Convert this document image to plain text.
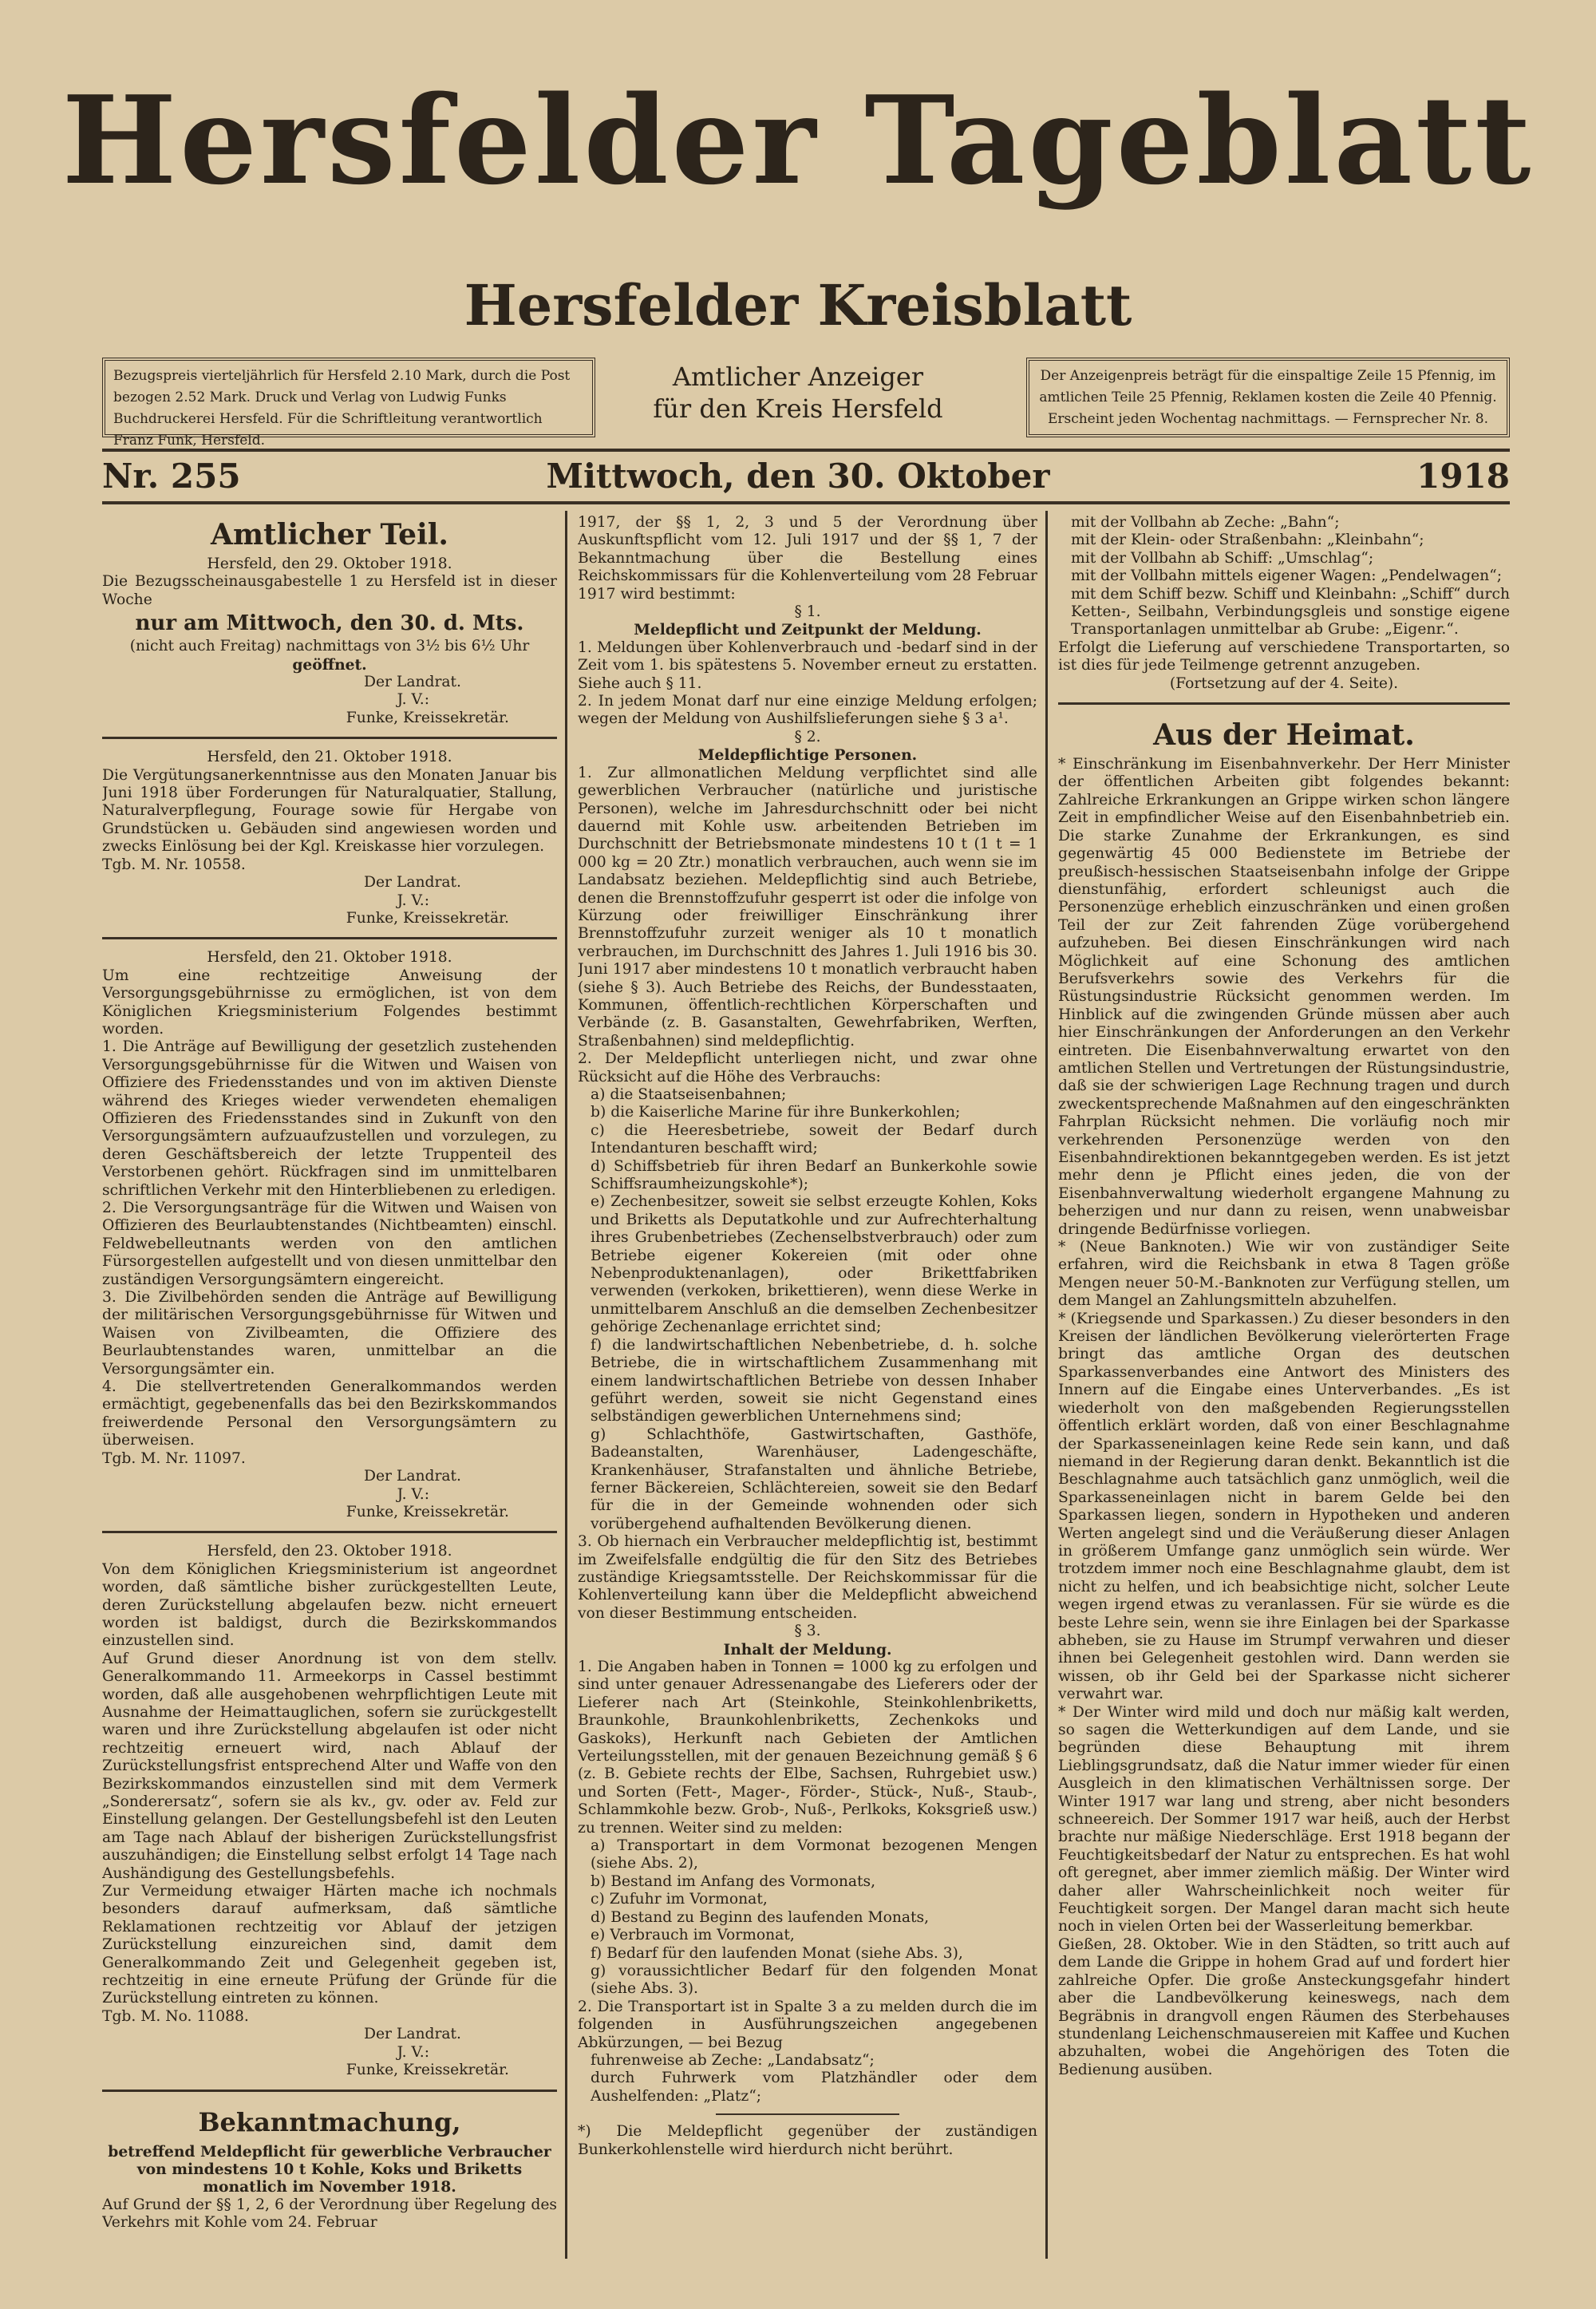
Hersfelder Tageblatt
Hersfelder Kreisblatt
Bezugspreis vierteljährlich für Hersfeld 2.10 Mark, durch die Post bezogen 2.52 Mark. Druck und Verlag von Ludwig Funks Buchdruckerei Hersfeld. Für die Schriftleitung verantwortlich Franz Funk, Hersfeld.
Amtlicher Anzeiger
für den Kreis Hersfeld
Der Anzeigenpreis beträgt für die einspaltige Zeile 15 Pfennig, im amtlichen Teile 25 Pfennig, Reklamen kosten die Zeile 40 Pfennig. Erscheint jeden Wochentag nachmittags. — Fernsprecher Nr. 8.
Nr. 255	Mittwoch, den 30. Oktober	1918

Amtlicher Teil.

Hersfeld, den 29. Oktober 1918.

Die Bezugsscheinausgabestelle 1 zu Hersfeld ist in dieser Woche

nur am Mittwoch, den 30. d. Mts.

(nicht auch Freitag) nachmittags von 3½ bis 6½ Uhr

geöffnet.

Der Landrat.

J. V.:

Funke, Kreissekretär.

Hersfeld, den 21. Oktober 1918.

Die Vergütungsanerkenntnisse aus den Monaten Januar bis Juni 1918 über Forderungen für Naturalquatier, Stallung, Naturalverpflegung, Fourage sowie für Hergabe von Grundstücken u. Gebäuden sind angewiesen worden und zwecks Einlösung bei der Kgl. Kreiskasse hier vorzulegen.

Tgb. M. Nr. 10558.

Der Landrat.

J. V.:

Funke, Kreissekretär.

Hersfeld, den 21. Oktober 1918.

Um eine rechtzeitige Anweisung der Versorgungsgebührnisse zu ermöglichen, ist von dem Königlichen Kriegsministerium Folgendes bestimmt worden.

1. Die Anträge auf Bewilligung der gesetzlich zustehenden Versorgungsgebührnisse für die Witwen und Waisen von Offiziere des Friedensstandes und von im aktiven Dienste während des Krieges wieder verwendeten ehemaligen Offizieren des Friedensstandes sind in Zukunft von den Versorgungsämtern aufzuaufzustellen und vorzulegen, zu deren Geschäftsbereich der letzte Truppenteil des Verstorbenen gehört. Rückfragen sind im unmittelbaren schriftlichen Verkehr mit den Hinterbliebenen zu erledigen.

2. Die Versorgungsanträge für die Witwen und Waisen von Offizieren des Beurlaubtenstandes (Nichtbeamten) einschl. Feldwebelleutnants werden von den amtlichen Fürsorgestellen aufgestellt und von diesen unmittelbar den zuständigen Versorgungsämtern eingereicht.

3. Die Zivilbehörden senden die Anträge auf Bewilligung der militärischen Versorgungsgebührnisse für Witwen und Waisen von Zivilbeamten, die Offiziere des Beurlaubtenstandes waren, unmittelbar an die Versorgungsämter ein.

4. Die stellvertretenden Generalkommandos werden ermächtigt, gegebenenfalls das bei den Bezirkskommandos freiwerdende Personal den Versorgungsämtern zu überweisen.

Tgb. M. Nr. 11097.

Der Landrat.

J. V.:

Funke, Kreissekretär.

Hersfeld, den 23. Oktober 1918.

Von dem Königlichen Kriegsministerium ist angeordnet worden, daß sämtliche bisher zurückgestellten Leute, deren Zurückstellung abgelaufen bezw. nicht erneuert worden ist baldigst, durch die Bezirkskommandos einzustellen sind.

Auf Grund dieser Anordnung ist von dem stellv. Generalkommando 11. Armeekorps in Cassel bestimmt worden, daß alle ausgehobenen wehrpflichtigen Leute mit Ausnahme der Heimattauglichen, sofern sie zurückgestellt waren und ihre Zurückstellung abgelaufen ist oder nicht rechtzeitig erneuert wird, nach Ablauf der Zurückstellungsfrist entsprechend Alter und Waffe von den Bezirkskommandos einzustellen sind mit dem Vermerk „Sonderersatz“, sofern sie als kv., gv. oder av. Feld zur Einstellung gelangen. Der Gestellungsbefehl ist den Leuten am Tage nach Ablauf der bisherigen Zurückstellungsfrist auszuhändigen; die Einstellung selbst erfolgt 14 Tage nach Aushändigung des Gestellungsbefehls.

Zur Vermeidung etwaiger Härten mache ich nochmals besonders darauf aufmerksam, daß sämtliche Reklamationen rechtzeitig vor Ablauf der jetzigen Zurückstellung einzureichen sind, damit dem Generalkommando Zeit und Gelegenheit gegeben ist, rechtzeitig in eine erneute Prüfung der Gründe für die Zurückstellung eintreten zu können.

Tgb. M. No. 11088.

Der Landrat.

J. V.:

Funke, Kreissekretär.

Bekanntmachung,

betreffend Meldepflicht für gewerbliche Verbraucher von mindestens 10 t Kohle, Koks und Briketts monatlich im November 1918.

Auf Grund der §§ 1, 2, 6 der Verordnung über Regelung des Verkehrs mit Kohle vom 24. Februar

1917, der §§ 1, 2, 3 und 5 der Verordnung über Auskunftspflicht vom 12. Juli 1917 und der §§ 1, 7 der Bekanntmachung über die Bestellung eines Reichskommissars für die Kohlenverteilung vom 28 Februar 1917 wird bestimmt:

§ 1.

Meldepflicht und Zeitpunkt der Meldung.

1. Meldungen über Kohlenverbrauch und -bedarf sind in der Zeit vom 1. bis spätestens 5. November erneut zu erstatten. Siehe auch § 11.

2. In jedem Monat darf nur eine einzige Meldung erfolgen; wegen der Meldung von Aushilfslieferungen siehe § 3 a¹.

§ 2.

Meldepflichtige Personen.

1. Zur allmonatlichen Meldung verpflichtet sind alle gewerblichen Verbraucher (natürliche und juristische Personen), welche im Jahresdurchschnitt oder bei nicht dauernd mit Kohle usw. arbeitenden Betrieben im Durchschnitt der Betriebsmonate mindestens 10 t (1 t = 1 000 kg = 20 Ztr.) monatlich verbrauchen, auch wenn sie im Landabsatz beziehen. Meldepflichtig sind auch Betriebe, denen die Brennstoffzufuhr gesperrt ist oder die infolge von Kürzung oder freiwilliger Einschränkung ihrer Brennstoffzufuhr zurzeit weniger als 10 t monatlich verbrauchen, im Durchschnitt des Jahres 1. Juli 1916 bis 30. Juni 1917 aber mindestens 10 t monatlich verbraucht haben (siehe § 3). Auch Betriebe des Reichs, der Bundesstaaten, Kommunen, öffentlich-rechtlichen Körperschaften und Verbände (z. B. Gasanstalten, Gewehrfabriken, Werften, Straßenbahnen) sind meldepflichtig.

2. Der Meldepflicht unterliegen nicht, und zwar ohne Rücksicht auf die Höhe des Verbrauchs:

a) die Staatseisenbahnen;

b) die Kaiserliche Marine für ihre Bunkerkohlen;

c) die Heeresbetriebe, soweit der Bedarf durch Intendanturen beschafft wird;

d) Schiffsbetrieb für ihren Bedarf an Bunkerkohle sowie Schiffsraumheizungskohle*);

e) Zechenbesitzer, soweit sie selbst erzeugte Kohlen, Koks und Briketts als Deputatkohle und zur Aufrechterhaltung ihres Grubenbetriebes (Zechenselbstverbrauch) oder zum Betriebe eigener Kokereien (mit oder ohne Nebenproduktenanlagen), oder Brikettfabriken verwenden (verkoken, brikettieren), wenn diese Werke in unmittelbarem Anschluß an die demselben Zechenbesitzer gehörige Zechenanlage errichtet sind;

f) die landwirtschaftlichen Nebenbetriebe, d. h. solche Betriebe, die in wirtschaftlichem Zusammenhang mit einem landwirtschaftlichen Betriebe von dessen Inhaber geführt werden, soweit sie nicht Gegenstand eines selbständigen gewerblichen Unternehmens sind;

g) Schlachthöfe, Gastwirtschaften, Gasthöfe, Badeanstalten, Warenhäuser, Ladengeschäfte, Krankenhäuser, Strafanstalten und ähnliche Betriebe, ferner Bäckereien, Schlächtereien, soweit sie den Bedarf für die in der Gemeinde wohnenden oder sich vorübergehend aufhaltenden Bevölkerung dienen.

3. Ob hiernach ein Verbraucher meldepflichtig ist, bestimmt im Zweifelsfalle endgültig die für den Sitz des Betriebes zuständige Kriegsamtsstelle. Der Reichskommissar für die Kohlenverteilung kann über die Meldepflicht abweichend von dieser Bestimmung entscheiden.

§ 3.

Inhalt der Meldung.

1. Die Angaben haben in Tonnen = 1000 kg zu erfolgen und sind unter genauer Adressenangabe des Lieferers oder der Lieferer nach Art (Steinkohle, Steinkohlenbriketts, Braunkohle, Braunkohlenbriketts, Zechenkoks und Gaskoks), Herkunft nach Gebieten der Amtlichen Verteilungsstellen, mit der genauen Bezeichnung gemäß § 6 (z. B. Gebiete rechts der Elbe, Sachsen, Ruhrgebiet usw.) und Sorten (Fett-, Mager-, Förder-, Stück-, Nuß-, Staub-, Schlammkohle bezw. Grob-, Nuß-, Perlkoks, Koksgrieß usw.) zu trennen. Weiter sind zu melden:

a) Transportart in dem Vormonat bezogenen Mengen (siehe Abs. 2),

b) Bestand im Anfang des Vormonats,

c) Zufuhr im Vormonat,

d) Bestand zu Beginn des laufenden Monats,

e) Verbrauch im Vormonat,

f) Bedarf für den laufenden Monat (siehe Abs. 3),

g) voraussichtlicher Bedarf für den folgenden Monat (siehe Abs. 3).

2. Die Transportart ist in Spalte 3 a zu melden durch die im folgenden in Ausführungszeichen angegebenen Abkürzungen, — bei Bezug

fuhrenweise ab Zeche: „Landabsatz“;

durch Fuhrwerk vom Platzhändler oder dem Aushelfenden: „Platz“;

*) Die Meldepflicht gegenüber der zuständigen Bunkerkohlenstelle wird hierdurch nicht berührt.

mit der Vollbahn ab Zeche: „Bahn“;

mit der Klein- oder Straßenbahn: „Kleinbahn“;

mit der Vollbahn ab Schiff: „Umschlag“;

mit der Vollbahn mittels eigener Wagen: „Pendelwagen“;

mit dem Schiff bezw. Schiff und Kleinbahn: „Schiff“ durch Ketten-, Seilbahn, Verbindungsgleis und sonstige eigene Transportanlagen unmittelbar ab Grube: „Eigenr.“.

Erfolgt die Lieferung auf verschiedene Transportarten, so ist dies für jede Teilmenge getrennt anzugeben.

(Fortsetzung auf der 4. Seite).

Aus der Heimat.

* Einschränkung im Eisenbahnverkehr. Der Herr Minister der öffentlichen Arbeiten gibt folgendes bekannt: Zahlreiche Erkrankungen an Grippe wirken schon längere Zeit in empfindlicher Weise auf den Eisenbahnbetrieb ein. Die starke Zunahme der Erkrankungen, es sind gegenwärtig 45 000 Bedienstete im Betriebe der preußisch-hessischen Staatseisenbahn infolge der Grippe dienstunfähig, erfordert schleunigst auch die Personenzüge erheblich einzuschränken und einen großen Teil der zur Zeit fahrenden Züge vorübergehend aufzuheben. Bei diesen Einschränkungen wird nach Möglichkeit auf eine Schonung des amtlichen Berufsverkehrs sowie des Verkehrs für die Rüstungsindustrie Rücksicht genommen werden. Im Hinblick auf die zwingenden Gründe müssen aber auch hier Einschränkungen der Anforderungen an den Verkehr eintreten. Die Eisenbahnverwaltung erwartet von den amtlichen Stellen und Vertretungen der Rüstungsindustrie, daß sie der schwierigen Lage Rechnung tragen und durch zweckentsprechende Maßnahmen auf den eingeschränkten Fahrplan Rücksicht nehmen. Die vorläufig noch mir verkehrenden Personenzüge werden von den Eisenbahndirektionen bekanntgegeben werden. Es ist jetzt mehr denn je Pflicht eines jeden, die von der Eisenbahnverwaltung wiederholt ergangene Mahnung zu beherzigen und nur dann zu reisen, wenn unabweisbar dringende Bedürfnisse vorliegen.

* (Neue Banknoten.) Wie wir von zuständiger Seite erfahren, wird die Reichsbank in etwa 8 Tagen größe Mengen neuer 50-M.-Banknoten zur Verfügung stellen, um dem Mangel an Zahlungsmitteln abzuhelfen.

* (Kriegsende und Sparkassen.) Zu dieser besonders in den Kreisen der ländlichen Bevölkerung vielerörterten Frage bringt das amtliche Organ des deutschen Sparkassenverbandes eine Antwort des Ministers des Innern auf die Eingabe eines Unterverbandes. „Es ist wiederholt von den maßgebenden Regierungsstellen öffentlich erklärt worden, daß von einer Beschlagnahme der Sparkasseneinlagen keine Rede sein kann, und daß niemand in der Regierung daran denkt. Bekanntlich ist die Beschlagnahme auch tatsächlich ganz unmöglich, weil die Sparkasseneinlagen nicht in barem Gelde bei den Sparkassen liegen, sondern in Hypotheken und anderen Werten angelegt sind und die Veräußerung dieser Anlagen in größerem Umfange ganz unmöglich sein würde. Wer trotzdem immer noch eine Beschlagnahme glaubt, dem ist nicht zu helfen, und ich beabsichtige nicht, solcher Leute wegen irgend etwas zu veranlassen. Für sie würde es die beste Lehre sein, wenn sie ihre Einlagen bei der Sparkasse abheben, sie zu Hause im Strumpf verwahren und dieser ihnen bei Gelegenheit gestohlen wird. Dann werden sie wissen, ob ihr Geld bei der Sparkasse nicht sicherer verwahrt war.

* Der Winter wird mild und doch nur mäßig kalt werden, so sagen die Wetterkundigen auf dem Lande, und sie begründen diese Behauptung mit ihrem Lieblingsgrundsatz, daß die Natur immer wieder für einen Ausgleich in den klimatischen Verhältnissen sorge. Der Winter 1917 war lang und streng, aber nicht besonders schneereich. Der Sommer 1917 war heiß, auch der Herbst brachte nur mäßige Niederschläge. Erst 1918 begann der Feuchtigkeitsbedarf der Natur zu entsprechen. Es hat wohl oft geregnet, aber immer ziemlich mäßig. Der Winter wird daher aller Wahrscheinlichkeit noch weiter für Feuchtigkeit sorgen. Der Mangel daran macht sich heute noch in vielen Orten bei der Wasserleitung bemerkbar.

Gießen, 28. Oktober. Wie in den Städten, so tritt auch auf dem Lande die Grippe in hohem Grad auf und fordert hier zahlreiche Opfer. Die große Ansteckungsgefahr hindert aber die Landbevölkerung keineswegs, nach dem Begräbnis in drangvoll engen Räumen des Sterbehauses stundenlang Leichenschmausereien mit Kaffee und Kuchen abzuhalten, wobei die Angehörigen des Toten die Bedienung ausüben.
